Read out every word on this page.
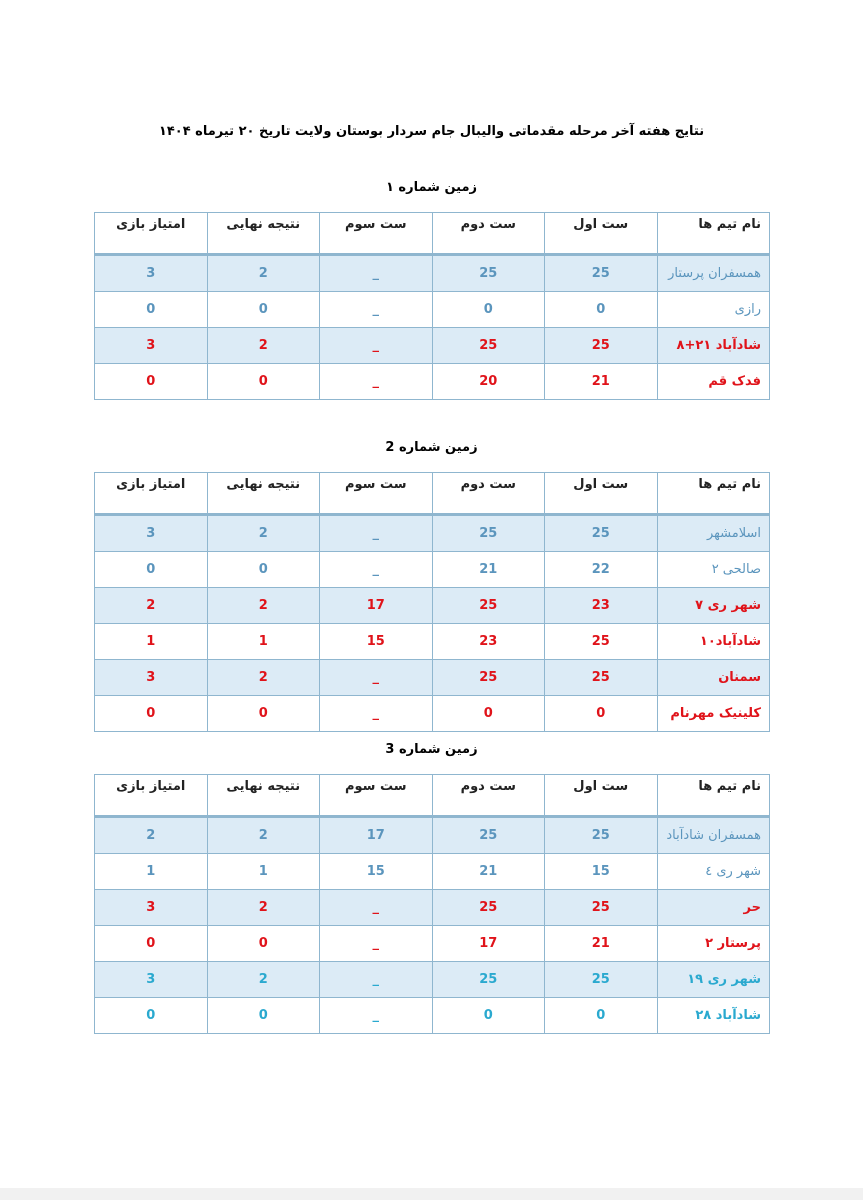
نتایج هفته آخر مرحله مقدماتی والیبال جام سردار بوستان ولایت تاریخ ۲۰ تیرماه ۱۴۰۴
زمین شماره ۱
نام تیم ها	ست اول	ست دوم	ست سوم	نتیجه نهایی	امتیاز بازی
همسفران پرستار	25	25	_	2	3
رازی	0	0	_	0	0
شادآباد ۲۱+۸	25	25	_	2	3
فدک قم	21	20	_	0	0
زمین شماره 2
نام تیم ها	ست اول	ست دوم	ست سوم	نتیجه نهایی	امتیاز بازی
اسلامشهر	25	25	_	2	3
صالحی ۲	22	21	_	0	0
شهر ری ۷	23	25	17	2	2
شادآباد۱۰	25	23	15	1	1
سمنان	25	25	_	2	3
کلینیک مهرنام	0	0	_	0	0
زمین شماره 3
نام تیم ها	ست اول	ست دوم	ست سوم	نتیجه نهایی	امتیاز بازی
همسفران شادآباد	25	25	17	2	2
شهر ری ٤	15	21	15	1	1
حر	25	25	_	2	3
پرستار ۲	21	17	_	0	0
شهر ری ۱۹	25	25	_	2	3
شادآباد ۲۸	0	0	_	0	0
